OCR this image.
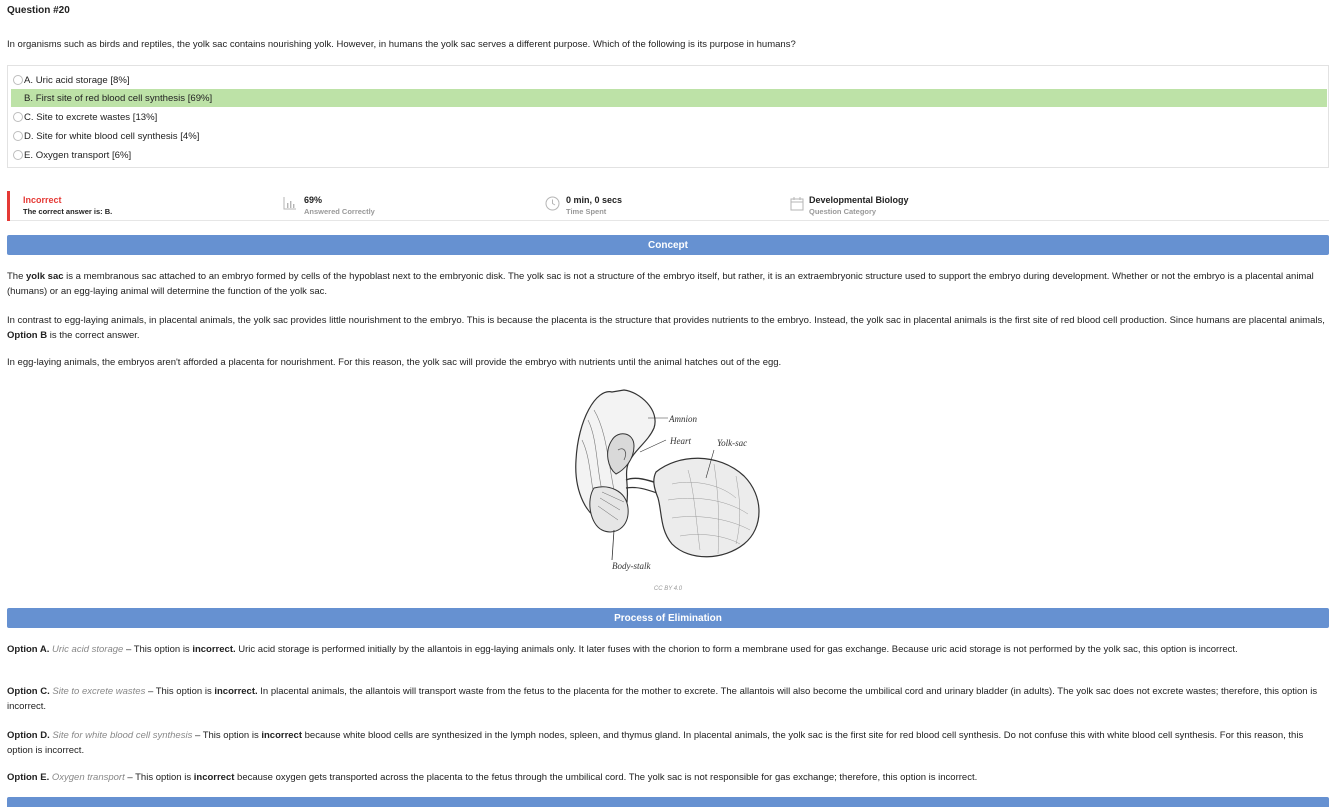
Question #20
In organisms such as birds and reptiles, the yolk sac contains nourishing yolk. However, in humans the yolk sac serves a different purpose. Which of the following is its purpose in humans?
A. Uric acid storage [8%]
B. First site of red blood cell synthesis [69%]
C. Site to excrete wastes [13%]
D. Site for white blood cell synthesis [4%]
E. Oxygen transport [6%]
Incorrect
The correct answer is: B.
69%
Answered Correctly
0 min, 0 secs
Time Spent
Developmental Biology
Question Category
Concept
The yolk sac is a membranous sac attached to an embryo formed by cells of the hypoblast next to the embryonic disk. The yolk sac is not a structure of the embryo itself, but rather, it is an extraembryonic structure used to support the embryo during development. Whether or not the embryo is a placental animal (humans) or an egg-laying animal will determine the function of the yolk sac.
In contrast to egg-laying animals, in placental animals, the yolk sac provides little nourishment to the embryo. This is because the placenta is the structure that provides nutrients to the embryo. Instead, the yolk sac in placental animals is the first site of red blood cell production. Since humans are placental animals, Option B is the correct answer.
In egg-laying animals, the embryos aren't afforded a placenta for nourishment. For this reason, the yolk sac will provide the embryo with nutrients until the animal hatches out of the egg.
Amnion
Heart	Yolk-sac
Body-stalk
CC BY 4.0
Process of Elimination
Option A. Uric acid storage – This option is incorrect. Uric acid storage is performed initially by the allantois in egg-laying animals only. It later fuses with the chorion to form a membrane used for gas exchange. Because uric acid storage is not performed by the yolk sac, this option is incorrect.
Option C. Site to excrete wastes – This option is incorrect. In placental animals, the allantois will transport waste from the fetus to the placenta for the mother to excrete. The allantois will also become the umbilical cord and urinary bladder (in adults). The yolk sac does not excrete wastes; therefore, this option is incorrect.
Option D. Site for white blood cell synthesis – This option is incorrect because white blood cells are synthesized in the lymph nodes, spleen, and thymus gland. In placental animals, the yolk sac is the first site for red blood cell synthesis. Do not confuse this with white blood cell synthesis. For this reason, this option is incorrect.
Option E. Oxygen transport – This option is incorrect because oxygen gets transported across the placenta to the fetus through the umbilical cord. The yolk sac is not responsible for gas exchange; therefore, this option is incorrect.
